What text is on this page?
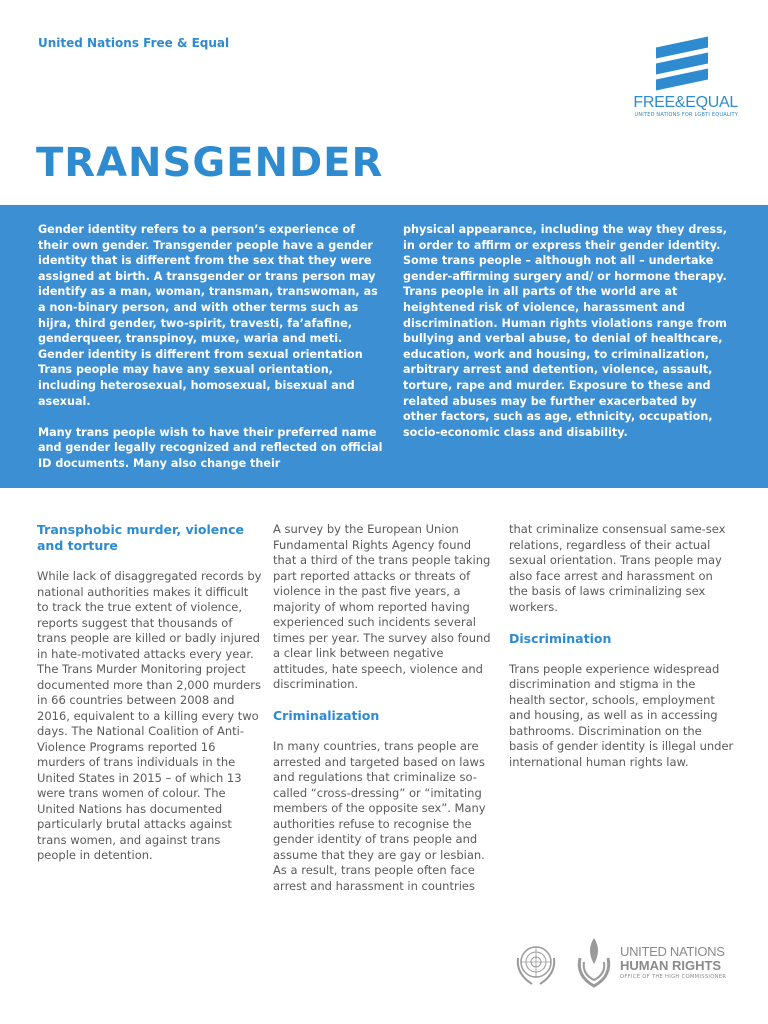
United Nations Free & Equal
FREE&EQUAL
UNITED NATIONS FOR LGBTI EQUALITY
TRANSGENDER

Gender identity refers to a person’s experience of their own gender. Transgender people have a gender identity that is different from the sex that they were assigned at birth. A transgender or trans person may identify as a man, woman, transman, transwoman, as a non-binary person, and with other terms such as hijra, third gender, two-spirit, travesti, fa’afafine, genderqueer, transpinoy, muxe, waria and meti. Gender identity is different from sexual orientation Trans people may have any sexual orientation, including heterosexual, homosexual, bisexual and asexual.

Many trans people wish to have their preferred name and gender legally recognized and reflected on official ID documents. Many also change their

physical appearance, including the way they dress, in order to affirm or express their gender identity. Some trans people – although not all – undertake gender-affirming surgery and/ or hormone therapy. Trans people in all parts of the world are at heightened risk of violence, harassment and discrimination. Human rights violations range from bullying and verbal abuse, to denial of healthcare, education, work and housing, to criminalization, arbitrary arrest and detention, violence, assault, torture, rape and murder. Exposure to these and related abuses may be further exacerbated by other factors, such as age, ethnicity, occupation, socio-economic class and disability.

Transphobic murder, violence and torture

While lack of disaggregated records by national authorities makes it difficult to track the true extent of violence, reports suggest that thousands of trans people are killed or badly injured in hate-motivated attacks every year. The Trans Murder Monitoring project documented more than 2,000 murders in 66 countries between 2008 and 2016, equivalent to a killing every two days. The National Coalition of Anti-Violence Programs reported 16 murders of trans individuals in the United States in 2015 – of which 13 were trans women of colour. The United Nations has documented particularly brutal attacks against trans women, and against trans people in detention.

A survey by the European Union Fundamental Rights Agency found that a third of the trans people taking part reported attacks or threats of violence in the past five years, a majority of whom reported having experienced such incidents several times per year. The survey also found a clear link between negative attitudes, hate speech, violence and discrimination.

Criminalization

In many countries, trans people are arrested and targeted based on laws and regulations that criminalize so-called “cross-dressing” or “imitating members of the opposite sex”. Many authorities refuse to recognise the gender identity of trans people and assume that they are gay or lesbian. As a result, trans people often face arrest and harassment in countries

that criminalize consensual same-sex relations, regardless of their actual sexual orientation. Trans people may also face arrest and harassment on the basis of laws criminalizing sex workers.

Discrimination

Trans people experience widespread discrimination and stigma in the health sector, schools, employment and housing, as well as in accessing bathrooms. Discrimination on the basis of gender identity is illegal under international human rights law.

UNITED NATIONS
HUMAN RIGHTS
OFFICE OF THE HIGH COMMISSIONER
